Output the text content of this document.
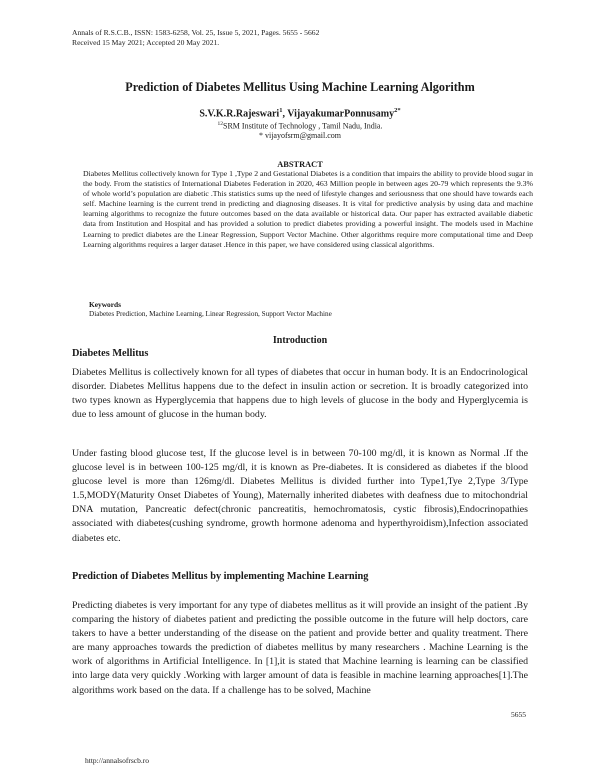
Annals of R.S.C.B., ISSN: 1583-6258, Vol. 25, Issue 5, 2021, Pages. 5655 - 5662
Received 15 May 2021; Accepted 20 May 2021.
Prediction of Diabetes Mellitus Using Machine Learning Algorithm
S.V.K.R.Rajeswari$^1$, VijayakumarPonnusamy$^{2*}$
$^{12}$SRM Institute of Technology , Tamil Nadu, India.
* vijayofsrm@gmail.com
ABSTRACT
Diabetes Mellitus collectively known for Type 1 ,Type 2 and Gestational Diabetes is a condition that impairs the ability to provide blood sugar in the body. From the statistics of International Diabetes Federation in 2020, 463 Million people in between ages 20-79 which represents the 9.3% of whole world’s population are diabetic .This statistics sums up the need of lifestyle changes and seriousness that one should have towards each self. Machine learning is the current trend in predicting and diagnosing diseases. It is vital for predictive analysis by using data and machine learning algorithms to recognize the future outcomes based on the data available or historical data. Our paper has extracted available diabetic data from Institution and Hospital and has provided a solution to predict diabetes providing a powerful insight. The models used in Machine Learning to predict diabetes are the Linear Regression, Support Vector Machine. Other algorithms require more computational time and Deep Learning algorithms requires a larger dataset .Hence in this paper, we have considered using classical algorithms.
Keywords
Diabetes Prediction, Machine Learning, Linear Regression, Support Vector Machine
Introduction
Diabetes Mellitus
Diabetes Mellitus is collectively known for all types of diabetes that occur in human body. It is an Endocrinological disorder. Diabetes Mellitus happens due to the defect in insulin action or secretion. It is broadly categorized into two types known as Hyperglycemia that happens due to high levels of glucose in the body and Hyperglycemia is due to less amount of glucose in the human body.
Under fasting blood glucose test, If the glucose level is in between 70-100 mg/dl, it is known as Normal .If the glucose level is in between 100-125 mg/dl, it is known as Pre-diabetes. It is considered as diabetes if the blood glucose level is more than 126mg/dl. Diabetes Mellitus is divided further into Type1,Tye 2,Type 3/Type 1.5,MODY(Maturity Onset Diabetes of Young), Maternally inherited diabetes with deafness due to mitochondrial DNA mutation, Pancreatic defect(chronic pancreatitis, hemochromatosis, cystic fibrosis),Endocrinopathies associated with diabetes(cushing syndrome, growth hormone adenoma and hyperthyroidism),Infection associated diabetes etc.
Prediction of Diabetes Mellitus by implementing Machine Learning
Predicting diabetes is very important for any type of diabetes mellitus as it will provide an insight of the patient .By comparing the history of diabetes patient and predicting the possible outcome in the future will help doctors, care takers to have a better understanding of the disease on the patient and provide better and quality treatment. There are many approaches towards the prediction of diabetes mellitus by many researchers . Machine Learning is the work of algorithms in Artificial Intelligence. In [1],it is stated that Machine learning is learning can be classified into large data very quickly .Working with larger amount of data is feasible in machine learning approaches[1].The algorithms work based on the data. If a challenge has to be solved, Machine
5655
http://annalsofrscb.ro
